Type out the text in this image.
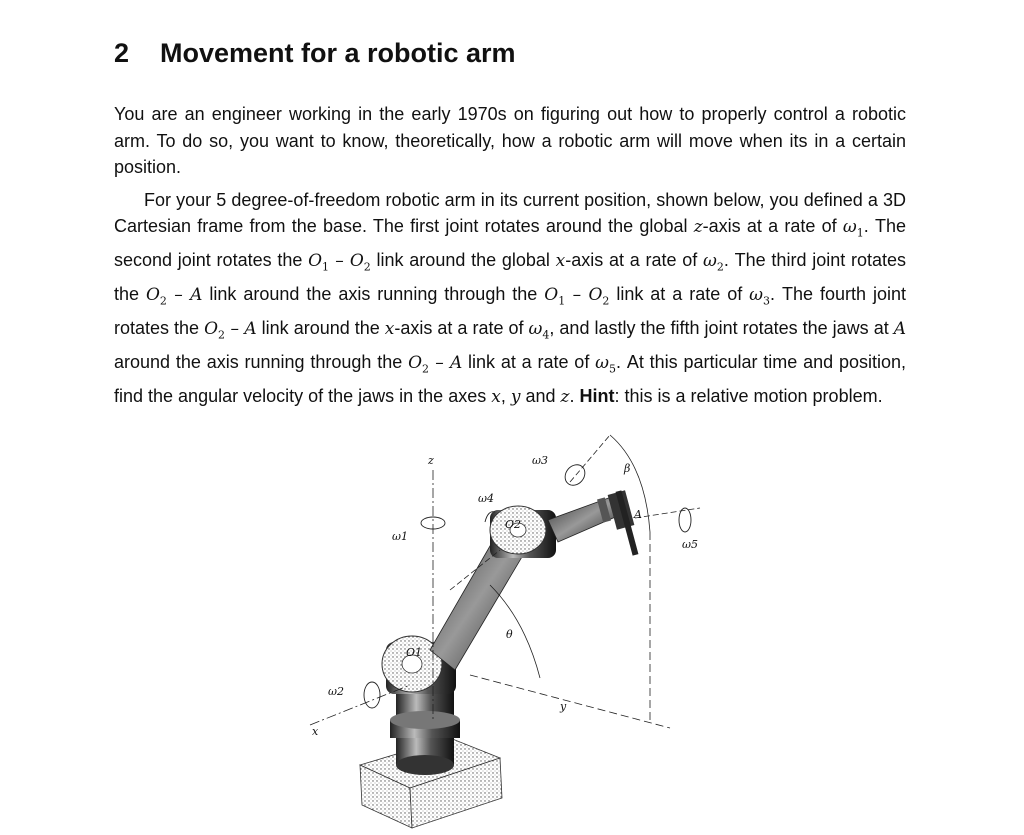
2	Movement for a robotic arm

You are an engineer working in the early 1970s on figuring out how to properly control a robotic arm. To do so, you want to know, theoretically, how a robotic arm will move when its in a certain position.

For your 5 degree-of-freedom robotic arm in its current position, shown below, you defined a 3D Cartesian frame from the base. The first joint rotates around the global z-axis at a rate of $\omega_1$. The second joint rotates the $O_1 - O_2$ link around the global x-axis at a rate of $\omega_2$. The third joint rotates the $O_2$ – A link around the axis running through the $O_1 - O_2$ link at a rate of $\omega_3$. The fourth joint rotates the $O_2$ – A link around the x-axis at a rate of $\omega_4$, and lastly the fifth joint rotates the jaws at A around the axis running through the $O_2$ – A link at a rate of $\omega_5$. At this particular time and position, find the angular velocity of the jaws in the axes x, y and z. Hint: this is a relative motion problem.

z
x
y
ω1
ω2
ω3
ω4
ω5
O1
O2
A
β
θ
